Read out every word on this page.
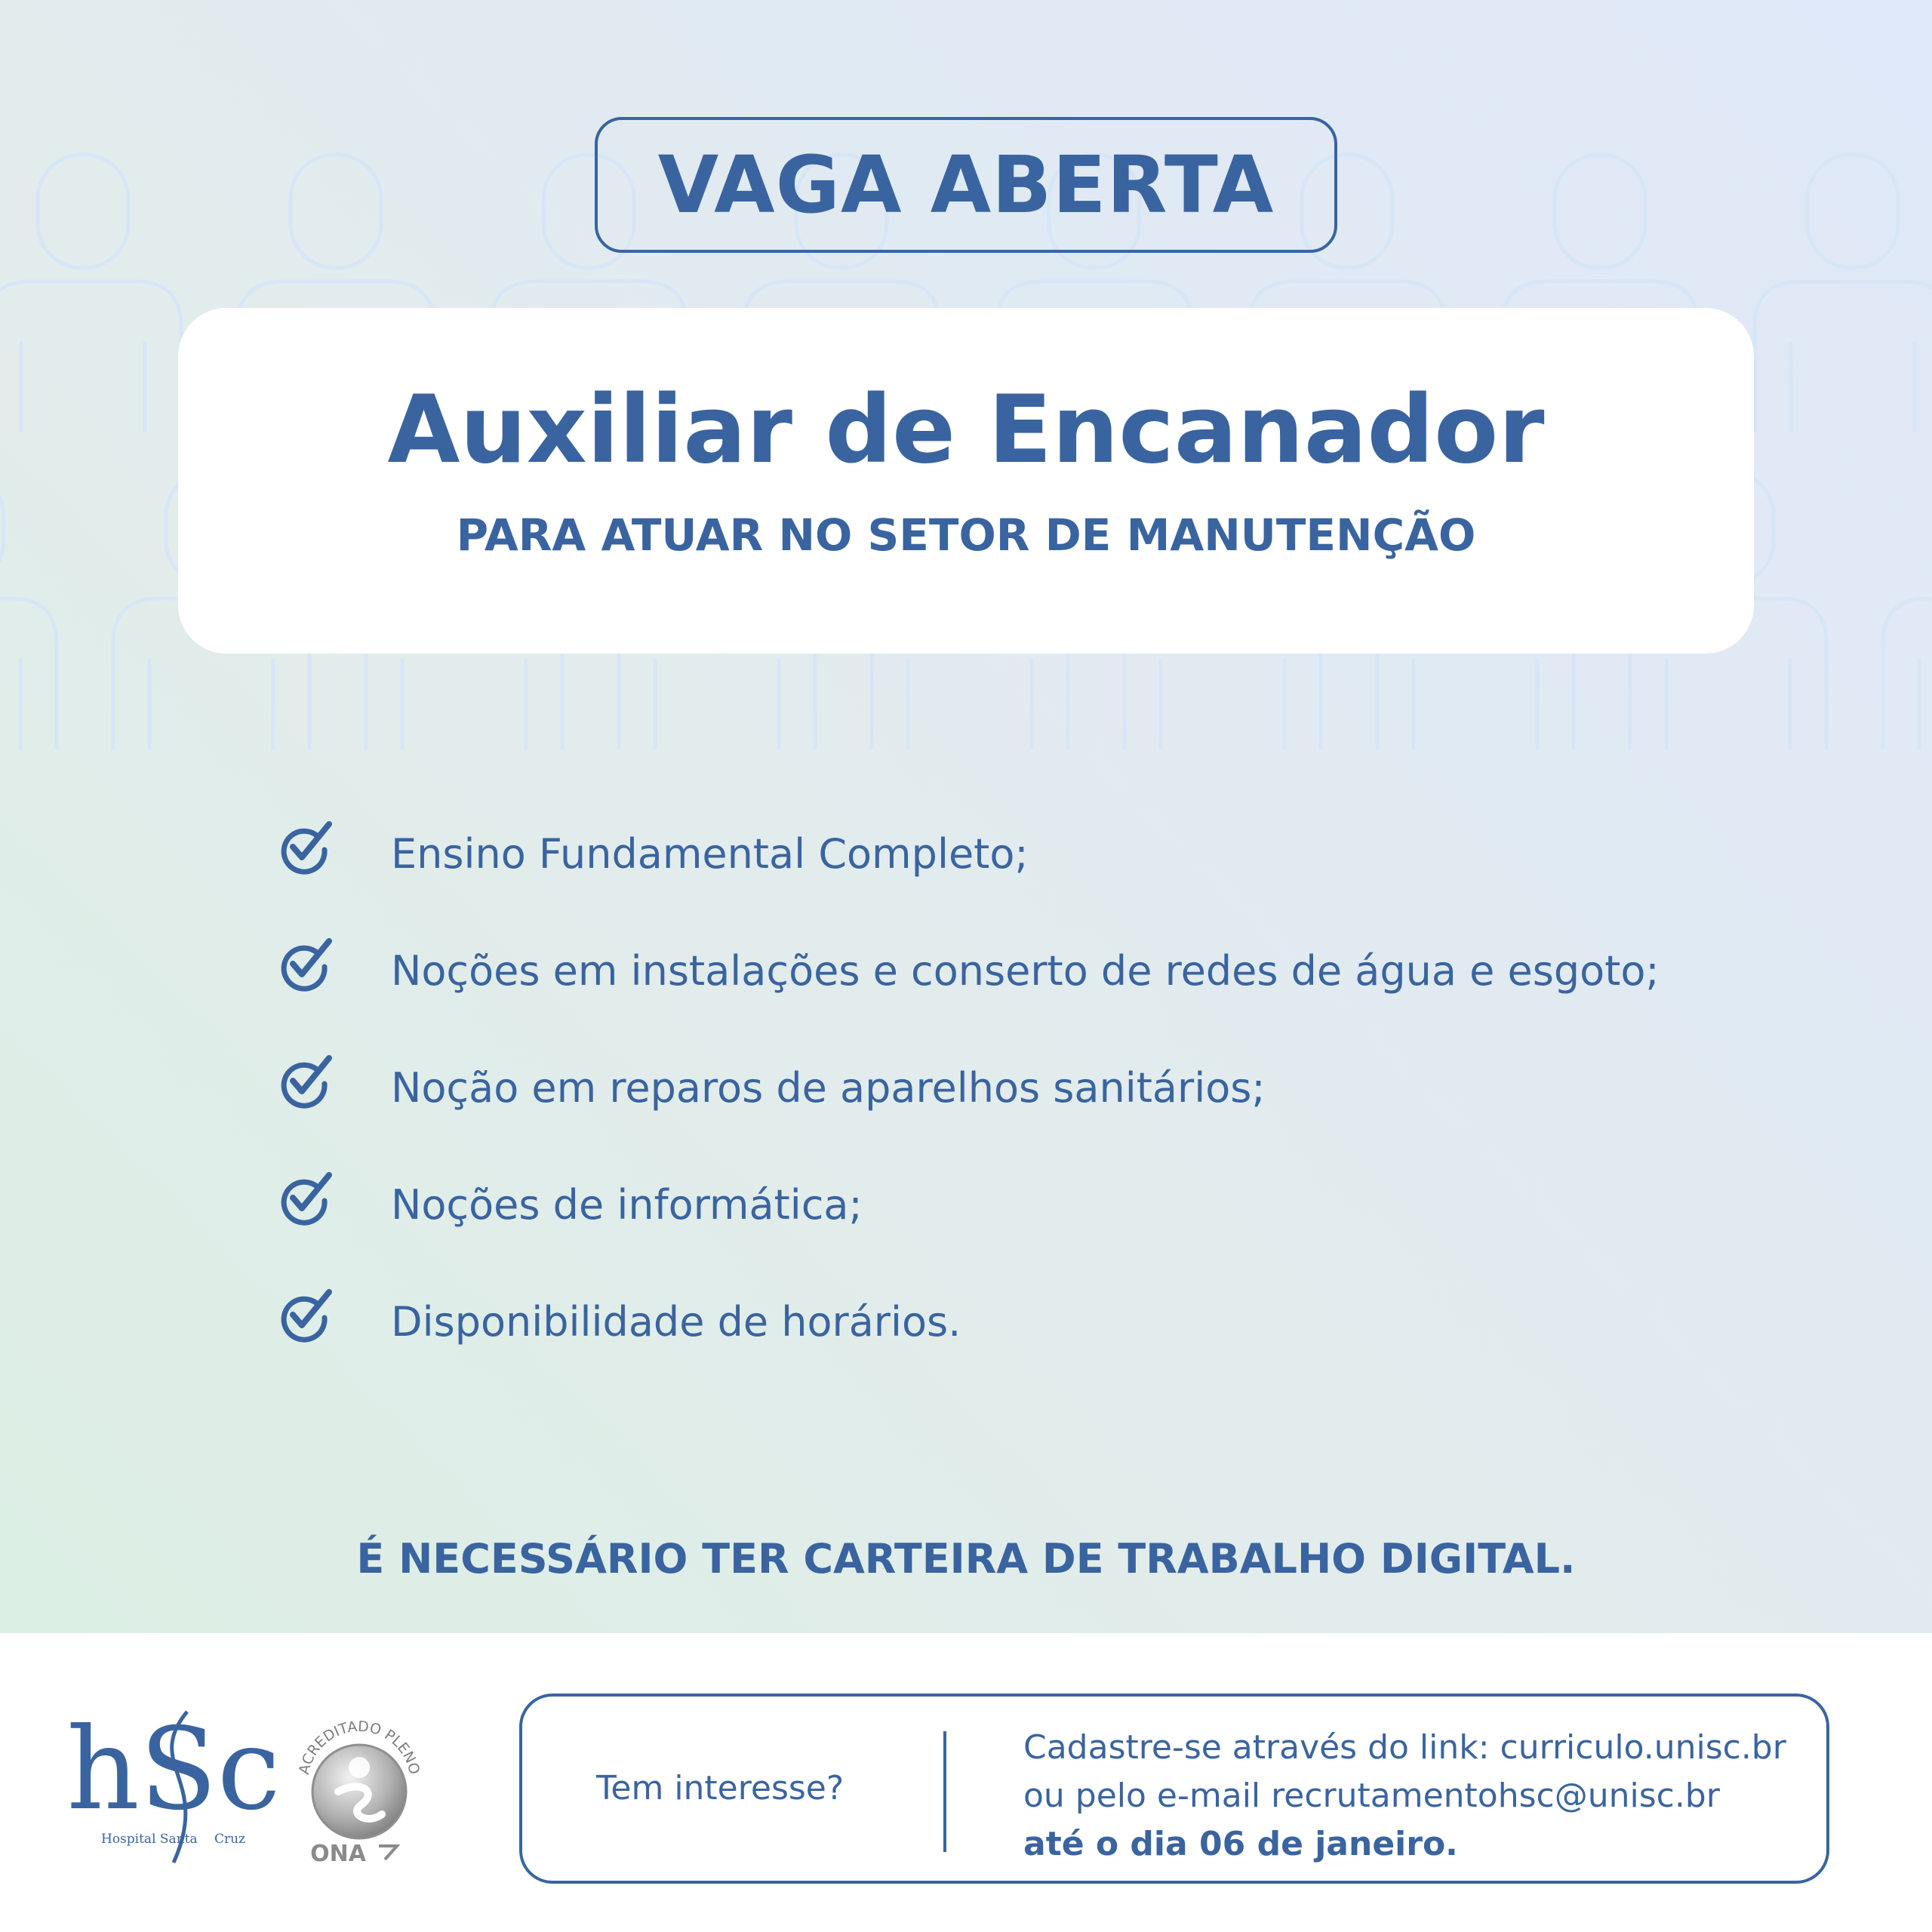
VAGA ABERTA
Auxiliar de Encanador
PARA ATUAR NO SETOR DE MANUTENÇÃO
Ensino Fundamental Completo;
Noções em instalações e conserto de redes de água e esgoto;
Noção em reparos de aparelhos sanitários;
Noções de informática;
Disponibilidade de horários.
É NECESSÁRIO TER CARTEIRA DE TRABALHO DIGITAL.
hSc
Hospital Santa Cruz
ACREDITADO PLENO
ONA
Tem interesse?
Cadastre-se através do link: curriculo.unisc.br
ou pelo e-mail recrutamentohsc@unisc.br
até o dia 06 de janeiro.
